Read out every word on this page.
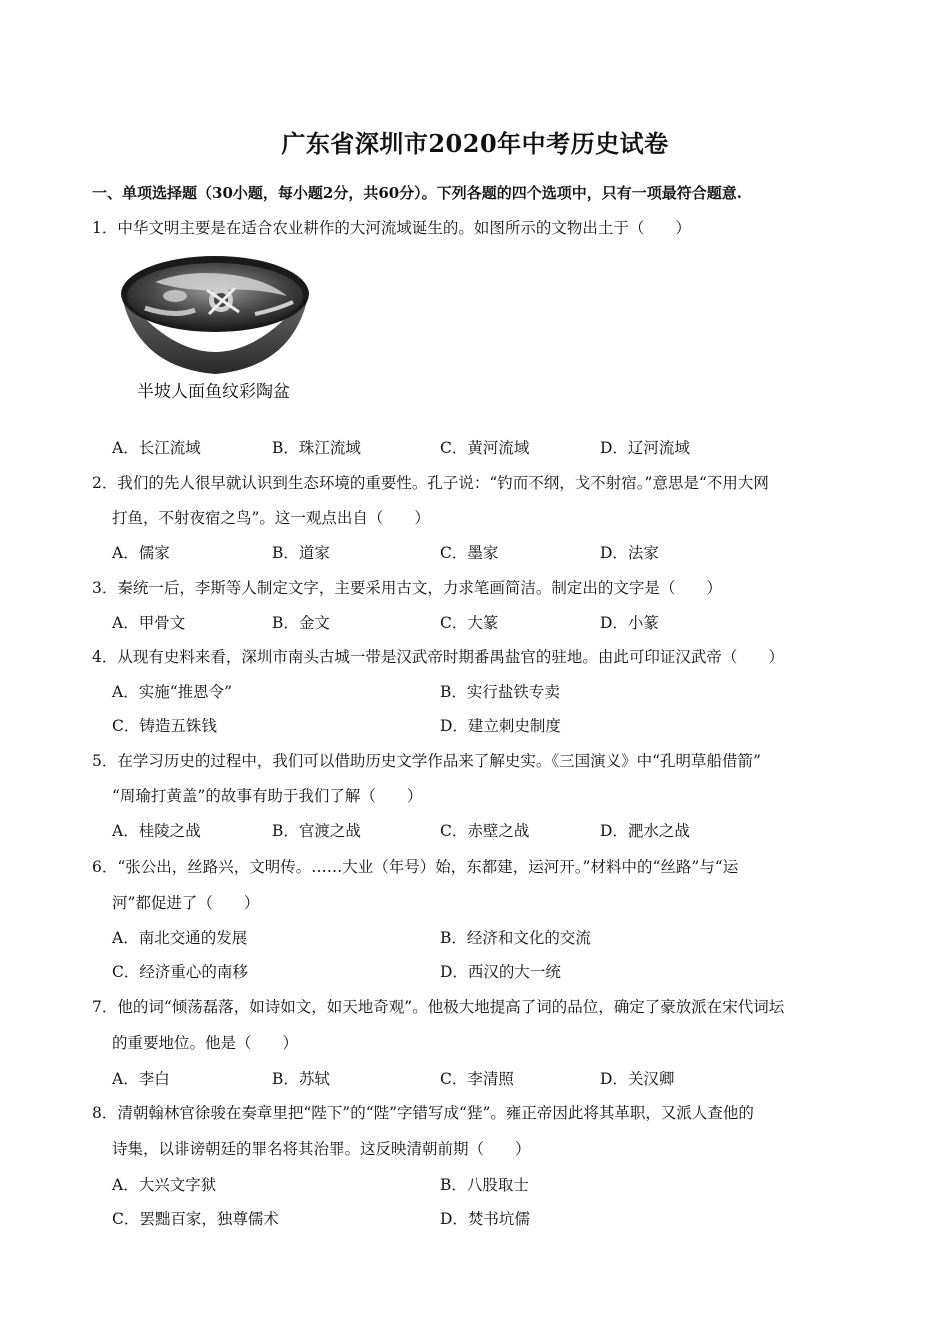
广东省深圳市2020年中考历史试卷
一、单项选择题（30小题，每小题2分，共60分）。下列各题的四个选项中，只有一项最符合题意.
1．中华文明主要是在适合农业耕作的大河流域诞生的。如图所示的文物出土于（　　）
半坡人面鱼纹彩陶盆
A．长江流域	B．珠江流域	C．黄河流域	D．辽河流域
2．我们的先人很早就认识到生态环境的重要性。孔子说：“钓而不纲，戈不射宿。”意思是“不用大网
打鱼，不射夜宿之鸟”。这一观点出自（　　）
A．儒家	B．道家	C．墨家	D．法家
3．秦统一后，李斯等人制定文字，主要采用古文，力求笔画简洁。制定出的文字是（　　）
A．甲骨文	B．金文	C．大篆	D．小篆
4．从现有史料来看，深圳市南头古城一带是汉武帝时期番禺盐官的驻地。由此可印证汉武帝（　　）
A．实施“推恩令”	B．实行盐铁专卖
C．铸造五铢钱	D．建立刺史制度
5．在学习历史的过程中，我们可以借助历史文学作品来了解史实。《三国演义》中“孔明草船借箭”
“周瑜打黄盖”的故事有助于我们了解（　　）
A．桂陵之战	B．官渡之战	C．赤壁之战	D．淝水之战
6．“张公出，丝路兴，文明传。……大业（年号）始，东都建，运河开。”材料中的“丝路”与“运
河”都促进了（　　）
A．南北交通的发展	B．经济和文化的交流
C．经济重心的南移	D．西汉的大一统
7．他的词“倾荡磊落，如诗如文，如天地奇观”。他极大地提高了词的品位，确定了豪放派在宋代词坛
的重要地位。他是（　　）
A．李白	B．苏轼	C．李清照	D．关汉卿
8．清朝翰林官徐骏在奏章里把“陛下”的“陛”字错写成“狴”。雍正帝因此将其革职，又派人查他的
诗集，以诽谤朝廷的罪名将其治罪。这反映清朝前期（　　）
A．大兴文字狱	B．八股取士
C．罢黜百家，独尊儒术	D．焚书坑儒
